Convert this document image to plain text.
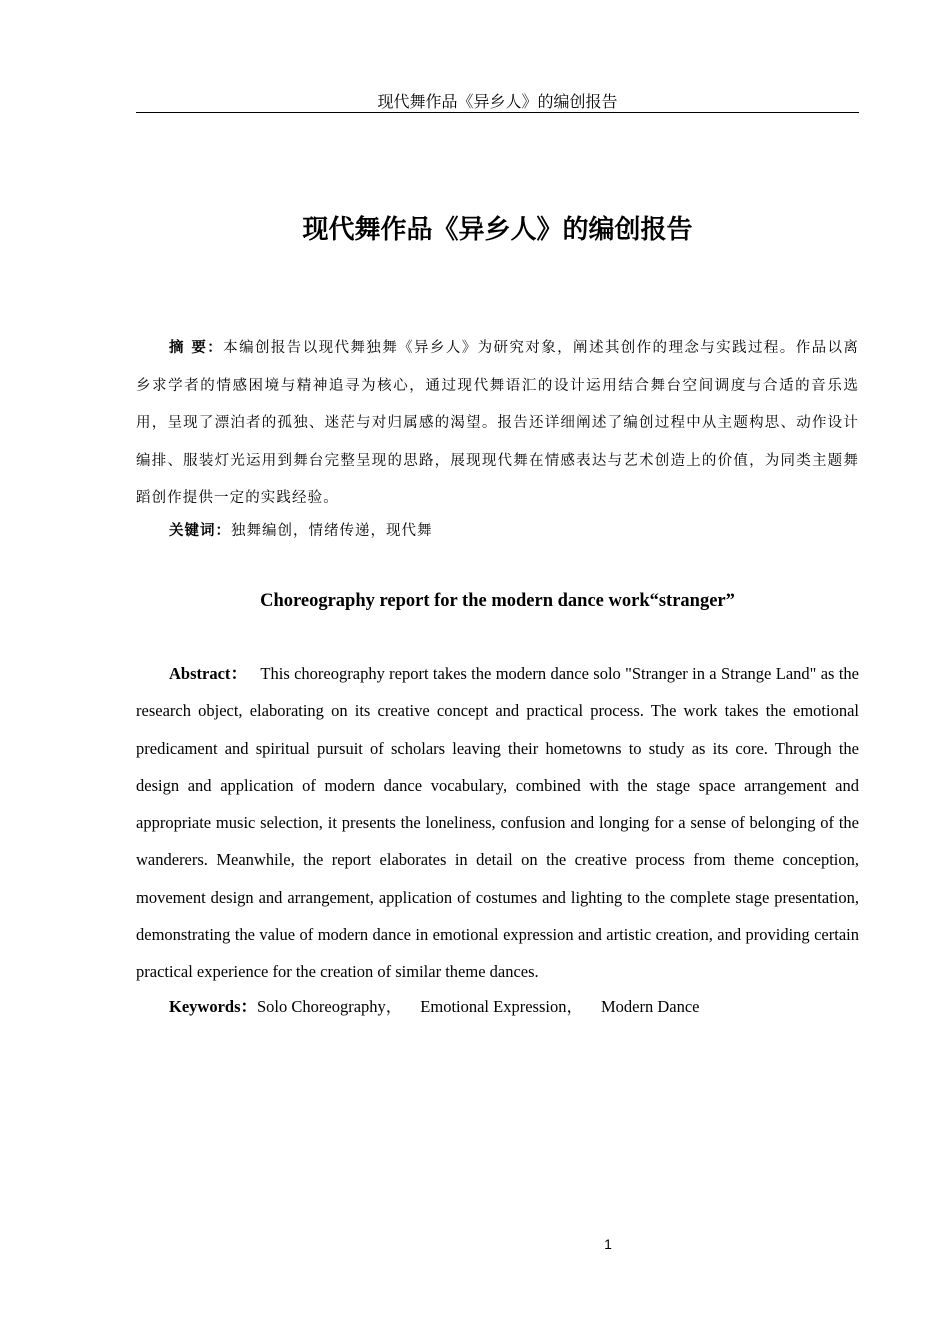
现代舞作品《异乡人》的编创报告
现代舞作品《异乡人》的编创报告
摘 要：本编创报告以现代舞独舞《异乡人》为研究对象，阐述其创作的理念与实践过程。作品以离乡求学者的情感困境与精神追寻为核心，通过现代舞语汇的设计运用结合舞台空间调度与合适的音乐选用，呈现了漂泊者的孤独、迷茫与对归属感的渴望。报告还详细阐述了编创过程中从主题构思、动作设计编排、服装灯光运用到舞台完整呈现的思路，展现现代舞在情感表达与艺术创造上的价值，为同类主题舞蹈创作提供一定的实践经验。
关键词：独舞编创，情绪传递，现代舞
Choreography report for the modern dance work“stranger”
Abstract： This choreography report takes the modern dance solo "Stranger in a Strange Land" as the research object, elaborating on its creative concept and practical process. The work takes the emotional predicament and spiritual pursuit of scholars leaving their hometowns to study as its core. Through the design and application of modern dance vocabulary, combined with the stage space arrangement and appropriate music selection, it presents the loneliness, confusion and longing for a sense of belonging of the wanderers. Meanwhile, the report elaborates in detail on the creative process from theme conception, movement design and arrangement, application of costumes and lighting to the complete stage presentation, demonstrating the value of modern dance in emotional expression and artistic creation, and providing certain practical experience for the creation of similar theme dances.
Keywords：Solo Choreography， Emotional Expression， Modern Dance
1
